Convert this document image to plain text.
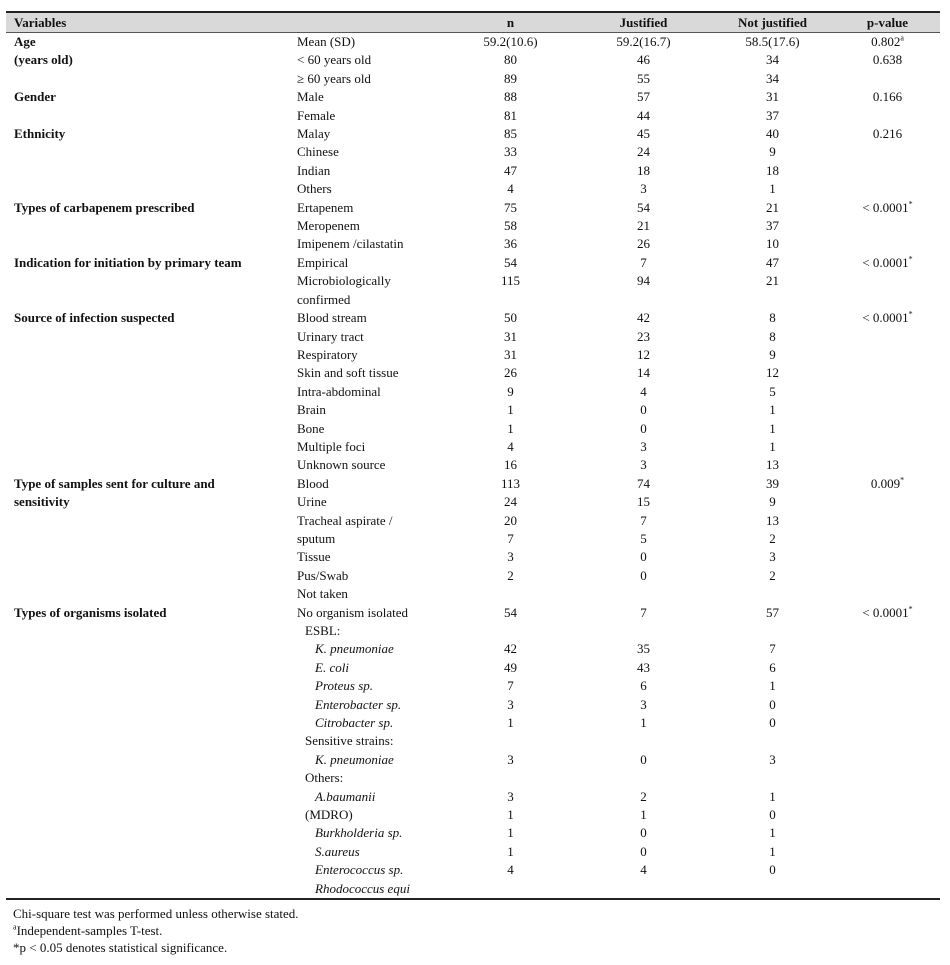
Variables		n	Justified	Not justified	p-value
Age	Mean (SD)	59.2(10.6)	59.2(16.7)	58.5(17.6)	0.802$^a$
(years old)	< 60 years old	80	46	34	0.638
	≥ 60 years old	89	55	34	
Gender	Male	88	57	31	0.166
	Female	81	44	37	
Ethnicity	Malay	85	45	40	0.216
	Chinese	33	24	9	
	Indian	47	18	18	
	Others	4	3	1	
Types of carbapenem prescribed	Ertapenem	75	54	21	< 0.0001*
	Meropenem	58	21	37	
	Imipenem /cilastatin	36	26	10	
Indication for initiation by primary team	Empirical	54	7	47	< 0.0001*
	Microbiologically	115	94	21	
	confirmed				
Source of infection suspected	Blood stream	50	42	8	< 0.0001*
	Urinary tract	31	23	8	
	Respiratory	31	12	9	
	Skin and soft tissue	26	14	12	
	Intra-abdominal	9	4	5	
	Brain	1	0	1	
	Bone	1	0	1	
	Multiple foci	4	3	1	
	Unknown source	16	3	13	
Type of samples sent for culture and	Blood	113	74	39	0.009*
sensitivity	Urine	24	15	9	
	Tracheal aspirate /	20	7	13	
	sputum	7	5	2	
	Tissue	3	0	3	
	Pus/Swab	2	0	2	
	Not taken				
Types of organisms isolated	No organism isolated	54	7	57	< 0.0001*
	ESBL:				
	K. pneumoniae	42	35	7	
	E. coli	49	43	6	
	Proteus sp.	7	6	1	
	Enterobacter sp.	3	3	0	
	Citrobacter sp.	1	1	0	
	Sensitive strains:				
	K. pneumoniae	3	0	3	
	Others:				
	A.baumanii	3	2	1	
	(MDRO)	1	1	0	
	Burkholderia sp.	1	0	1	
	S.aureus	1	0	1	
	Enterococcus sp.	4	4	0	
	Rhodococcus equi				
Chi-square test was performed unless otherwise stated.
$^a$Independent-samples T-test.
*p < 0.05 denotes statistical significance.
